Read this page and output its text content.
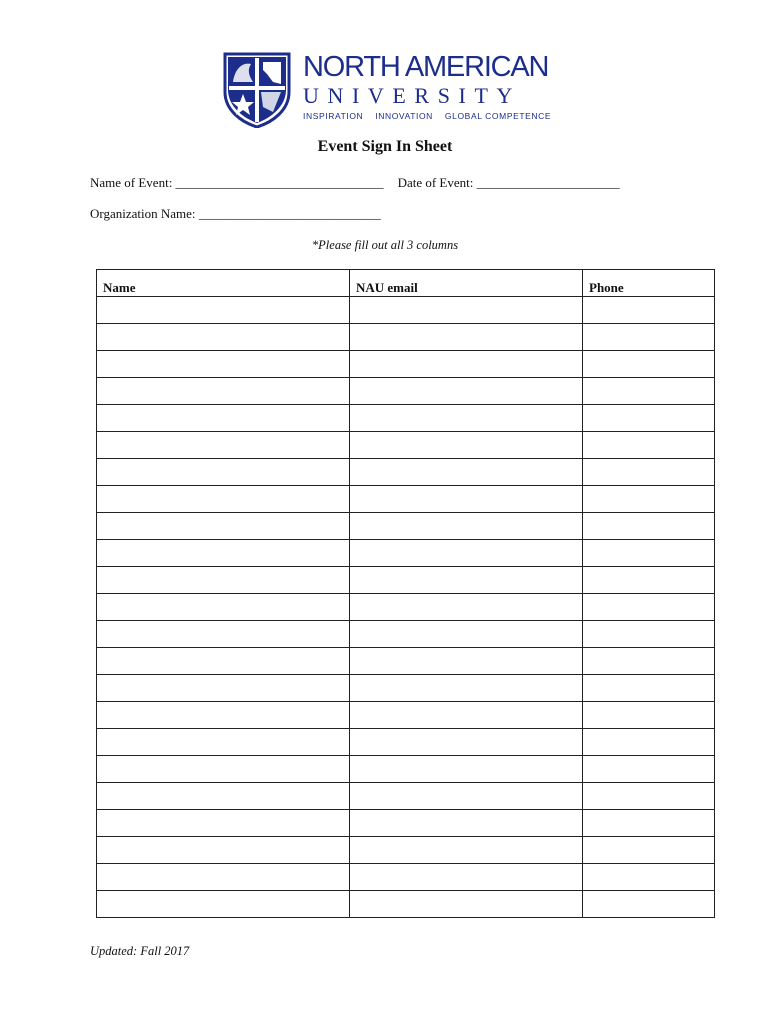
NORTH AMERICAN
UNIVERSITY
INSPIRATION INNOVATION GLOBAL COMPETENCE
Event Sign In Sheet
Name of Event: ________________________________ Date of Event: ______________________
Organization Name: ____________________________
*Please fill out all 3 columns
Name	NAU email	Phone

Updated: Fall 2017
